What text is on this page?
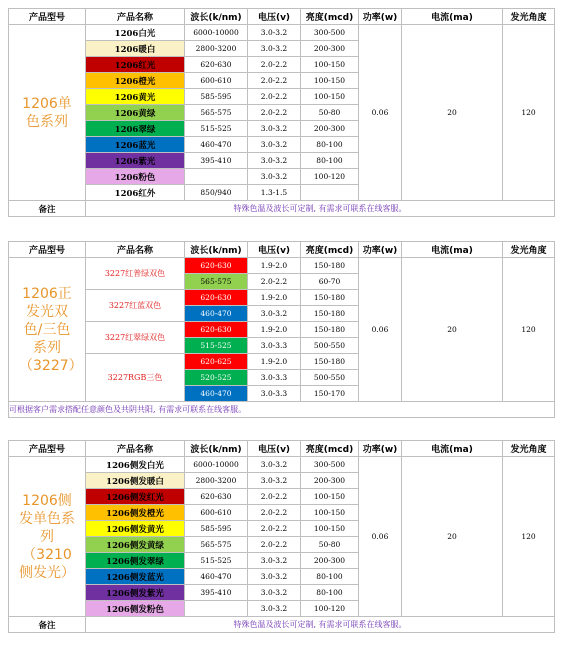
产品型号	产品名称	波长(k/nm)	电压(v)	亮度(mcd)	功率(w)	电流(ma)	发光角度
1206单色系列	1206白光	6000-10000	3.0-3.2	300-500	0.06	20	120
	1206暖白	2800-3200	3.0-3.2	200-300			
	1206红光	620-630	2.0-2.2	100-150			
	1206橙光	600-610	2.0-2.2	100-150			
	1206黄光	585-595	2.0-2.2	100-150			
	1206黄绿	565-575	2.0-2.2	50-80			
	1206翠绿	515-525	3.0-3.2	200-300			
	1206蓝光	460-470	3.0-3.2	80-100			
	1206紫光	395-410	3.0-3.2	80-100			
	1206粉色		3.0-3.2	100-120			
	1206红外	850/940	1.3-1.5				
备注	特殊色温及波长可定制, 有需求可联系在线客服。						
产品型号	产品名称	波长(k/nm)	电压(v)	亮度(mcd)	功率(w)	电流(ma)	发光角度
1206正发光双色/三色系列（3227）	3227红普绿双色	620-630	1.9-2.0	150-180	0.06	20	120
		565-575	2.0-2.2	60-70			
	3227红蓝双色	620-630	1.9-2.0	150-180			
		460-470	3.0-3.2	150-180			
	3227红翠绿双色	620-630	1.9-2.0	150-180			
		515-525	3.0-3.3	500-550			
	3227RGB三色	620-625	1.9-2.0	150-180			
		520-525	3.0-3.3	500-550			
		460-470	3.0-3.3	150-170			
可根据客户需求搭配任意颜色及共阴共阳, 有需求可联系在线客服。							
产品型号	产品名称	波长(k/nm)	电压(v)	亮度(mcd)	功率(w)	电流(ma)	发光角度
1206侧发单色系列（3210侧发光）	1206侧发白光	6000-10000	3.0-3.2	300-500	0.06	20	120
	1206侧发暖白	2800-3200	3.0-3.2	200-300			
	1206侧发红光	620-630	2.0-2.2	100-150			
	1206侧发橙光	600-610	2.0-2.2	100-150			
	1206侧发黄光	585-595	2.0-2.2	100-150			
	1206侧发黄绿	565-575	2.0-2.2	50-80			
	1206侧发翠绿	515-525	3.0-3.2	200-300			
	1206侧发蓝光	460-470	3.0-3.2	80-100			
	1206侧发紫光	395-410	3.0-3.2	80-100			
	1206侧发粉色		3.0-3.2	100-120			
备注	特殊色温及波长可定制, 有需求可联系在线客服。						
